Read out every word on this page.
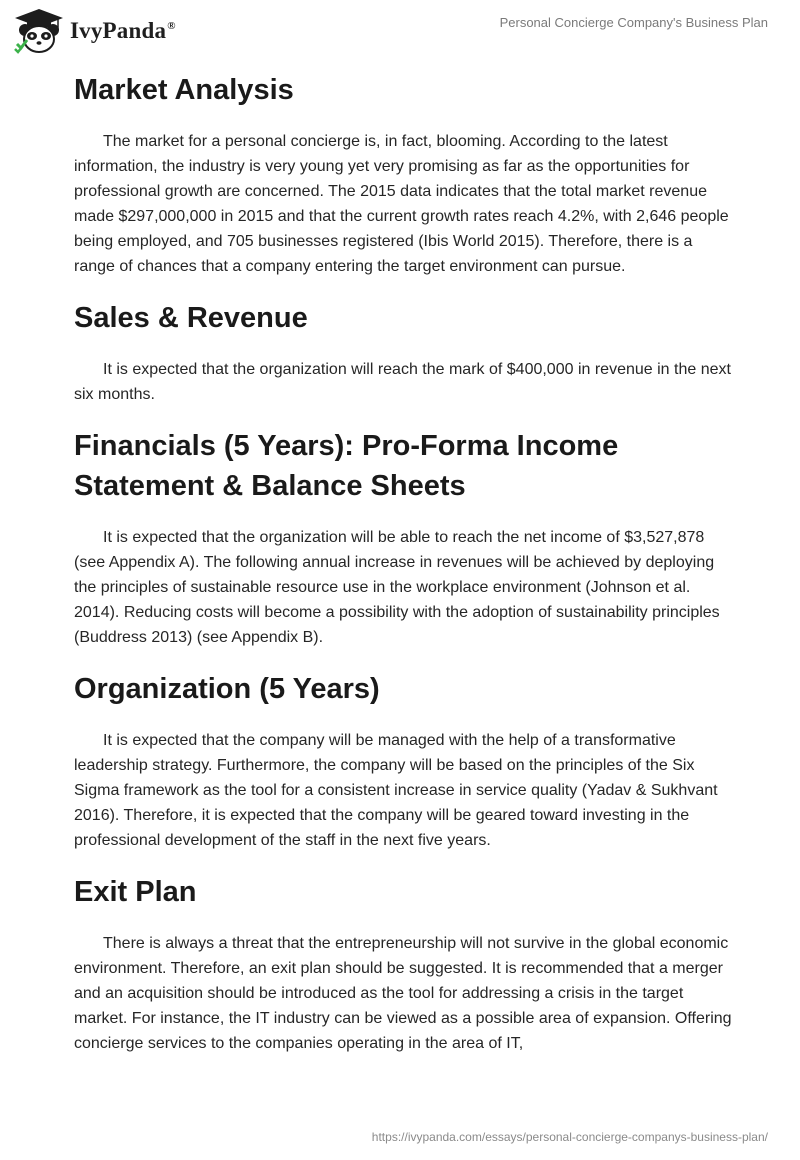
IvyPanda®	Personal Concierge Company's Business Plan
Market Analysis

The market for a personal concierge is, in fact, blooming. According to the latest information, the industry is very young yet very promising as far as the opportunities for professional growth are concerned. The 2015 data indicates that the total market revenue made $297,000,000 in 2015 and that the current growth rates reach 4.2%, with 2,646 people being employed, and 705 businesses registered (Ibis World 2015). Therefore, there is a range of chances that a company entering the target environment can pursue.

Sales & Revenue

It is expected that the organization will reach the mark of $400,000 in revenue in the next six months.

Financials (5 Years): Pro-Forma Income Statement & Balance Sheets

It is expected that the organization will be able to reach the net income of $3,527,878 (see Appendix A). The following annual increase in revenues will be achieved by deploying the principles of sustainable resource use in the workplace environment (Johnson et al. 2014). Reducing costs will become a possibility with the adoption of sustainability principles (Buddress 2013) (see Appendix B).

Organization (5 Years)

It is expected that the company will be managed with the help of a transformative leadership strategy. Furthermore, the company will be based on the principles of the Six Sigma framework as the tool for a consistent increase in service quality (Yadav & Sukhvant 2016). Therefore, it is expected that the company will be geared toward investing in the professional development of the staff in the next five years.

Exit Plan

There is always a threat that the entrepreneurship will not survive in the global economic environment. Therefore, an exit plan should be suggested. It is recommended that a merger and an acquisition should be introduced as the tool for addressing a crisis in the target market. For instance, the IT industry can be viewed as a possible area of expansion. Offering concierge services to the companies operating in the area of IT,

https://ivypanda.com/essays/personal-concierge-companys-business-plan/
